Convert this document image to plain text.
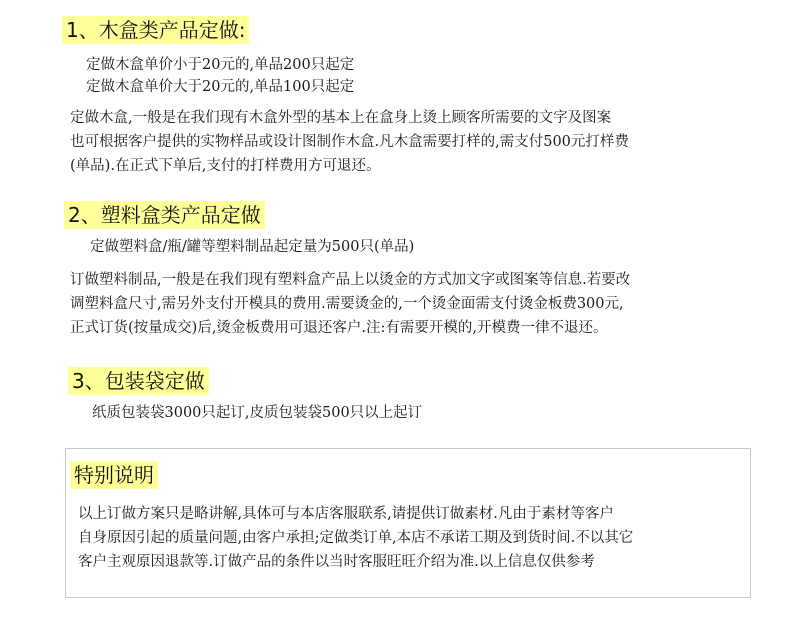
1、木盒类产品定做:
定做木盒单价小于20元的,单品200只起定
定做木盒单价大于20元的,单品100只起定
定做木盒,一般是在我们现有木盒外型的基本上在盒身上烫上顾客所需要的文字及图案
也可根据客户提供的实物样品或设计图制作木盒.凡木盒需要打样的,需支付500元打样费
(单品).在正式下单后,支付的打样费用方可退还。
2、塑料盒类产品定做
定做塑料盒/瓶/罐等塑料制品起定量为500只(单品)
订做塑料制品,一般是在我们现有塑料盒产品上以烫金的方式加文字或图案等信息.若要改
调塑料盒尺寸,需另外支付开模具的费用.需要烫金的,一个烫金面需支付烫金板费300元,
正式订货(按量成交)后,烫金板费用可退还客户.注:有需要开模的,开模费一律不退还。
3、包装袋定做
纸质包装袋3000只起订,皮质包装袋500只以上起订
特别说明
以上订做方案只是略讲解,具体可与本店客服联系,请提供订做素材.凡由于素材等客户
自身原因引起的质量问题,由客户承担;定做类订单,本店不承诺工期及到货时间.不以其它
客户主观原因退款等.订做产品的条件以当时客服旺旺介绍为准.以上信息仅供参考
